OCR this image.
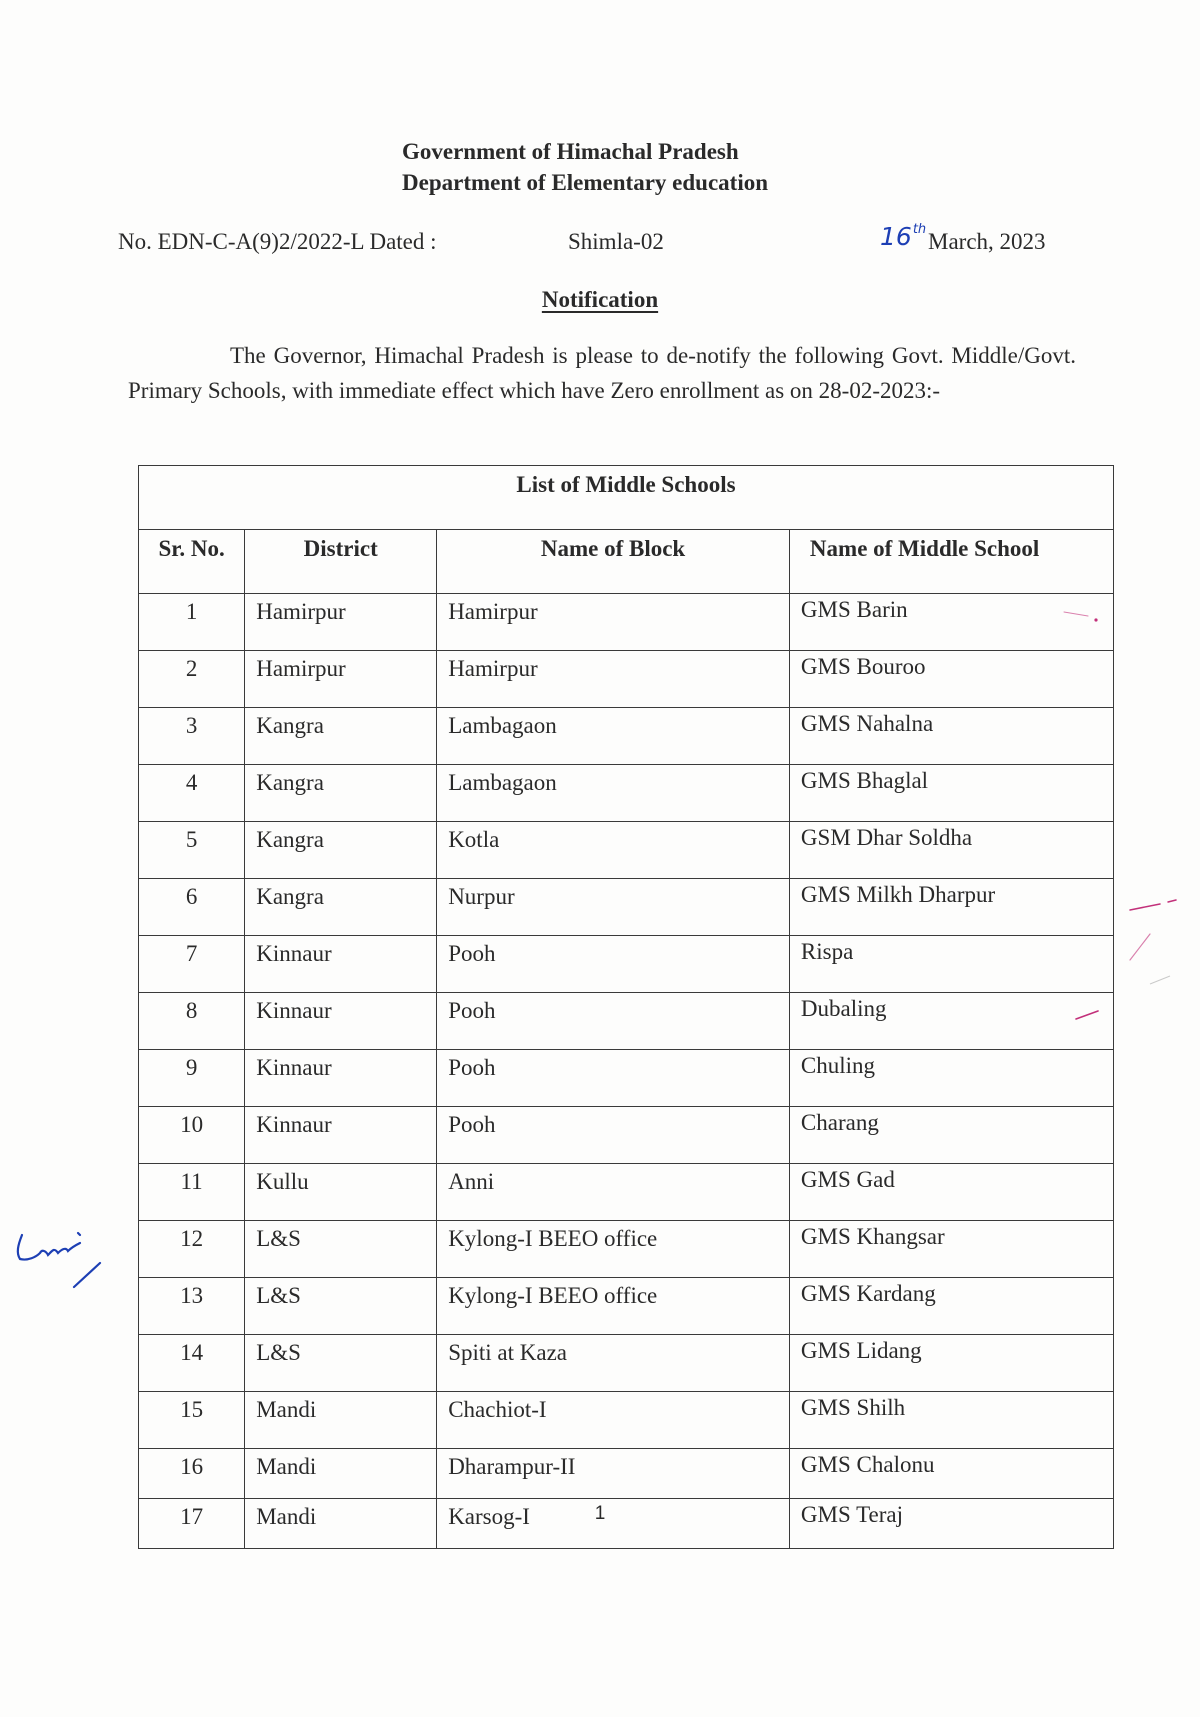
Government of Himachal Pradesh
Department of Elementary education
No. EDN-C-A(9)2/2022-L Dated :	Shimla-02	16th March, 2023
Notification
The Governor, Himachal Pradesh is please to de-notify the following Govt. Middle/Govt. Primary Schools, with immediate effect which have Zero enrollment as on 28-02-2023:-
List of Middle Schools			
Sr. No.	District	Name of Block	Name of Middle School
1	Hamirpur	Hamirpur	GMS Barin
2	Hamirpur	Hamirpur	GMS Bouroo
3	Kangra	Lambagaon	GMS Nahalna
4	Kangra	Lambagaon	GMS Bhaglal
5	Kangra	Kotla	GSM Dhar Soldha
6	Kangra	Nurpur	GMS Milkh Dharpur
7	Kinnaur	Pooh	Rispa
8	Kinnaur	Pooh	Dubaling
9	Kinnaur	Pooh	Chuling
10	Kinnaur	Pooh	Charang
11	Kullu	Anni	GMS Gad
12	L&S	Kylong-I BEEO office	GMS Khangsar
13	L&S	Kylong-I BEEO office	GMS Kardang
14	L&S	Spiti at Kaza	GMS Lidang
15	Mandi	Chachiot-I	GMS Shilh
16	Mandi	Dharampur-II	GMS Chalonu
17	Mandi	Karsog-I	GMS Teraj
1
